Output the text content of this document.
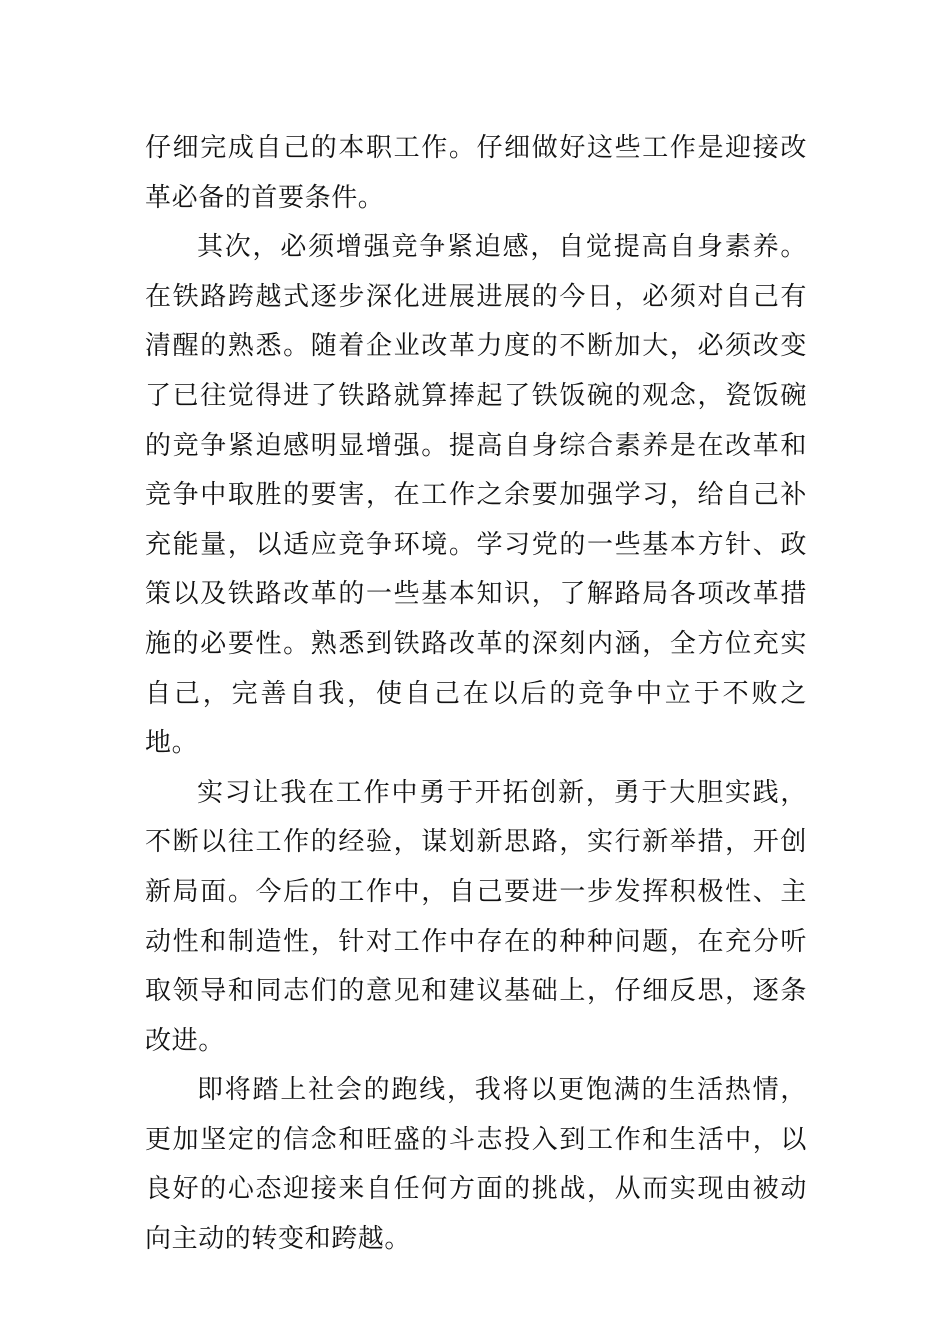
仔细完成自己的本职工作。仔细做好这些工作是迎接改革必备的首要条件。

其次，必须增强竞争紧迫感，自觉提高自身素养。在铁路跨越式逐步深化进展进展的今日，必须对自己有清醒的熟悉。随着企业改革力度的不断加大，必须改变了已往觉得进了铁路就算捧起了铁饭碗的观念，瓷饭碗的竞争紧迫感明显增强。提高自身综合素养是在改革和竞争中取胜的要害，在工作之余要加强学习，给自己补充能量，以适应竞争环境。学习党的一些基本方针、政策以及铁路改革的一些基本知识，了解路局各项改革措施的必要性。熟悉到铁路改革的深刻内涵，全方位充实自己，完善自我，使自己在以后的竞争中立于不败之地。

实习让我在工作中勇于开拓创新，勇于大胆实践，不断以往工作的经验，谋划新思路，实行新举措，开创新局面。今后的工作中，自己要进一步发挥积极性、主动性和制造性，针对工作中存在的种种问题，在充分听取领导和同志们的意见和建议基础上，仔细反思，逐条改进。

即将踏上社会的跑线，我将以更饱满的生活热情，更加坚定的信念和旺盛的斗志投入到工作和生活中，以良好的心态迎接来自任何方面的挑战，从而实现由被动向主动的转变和跨越。
